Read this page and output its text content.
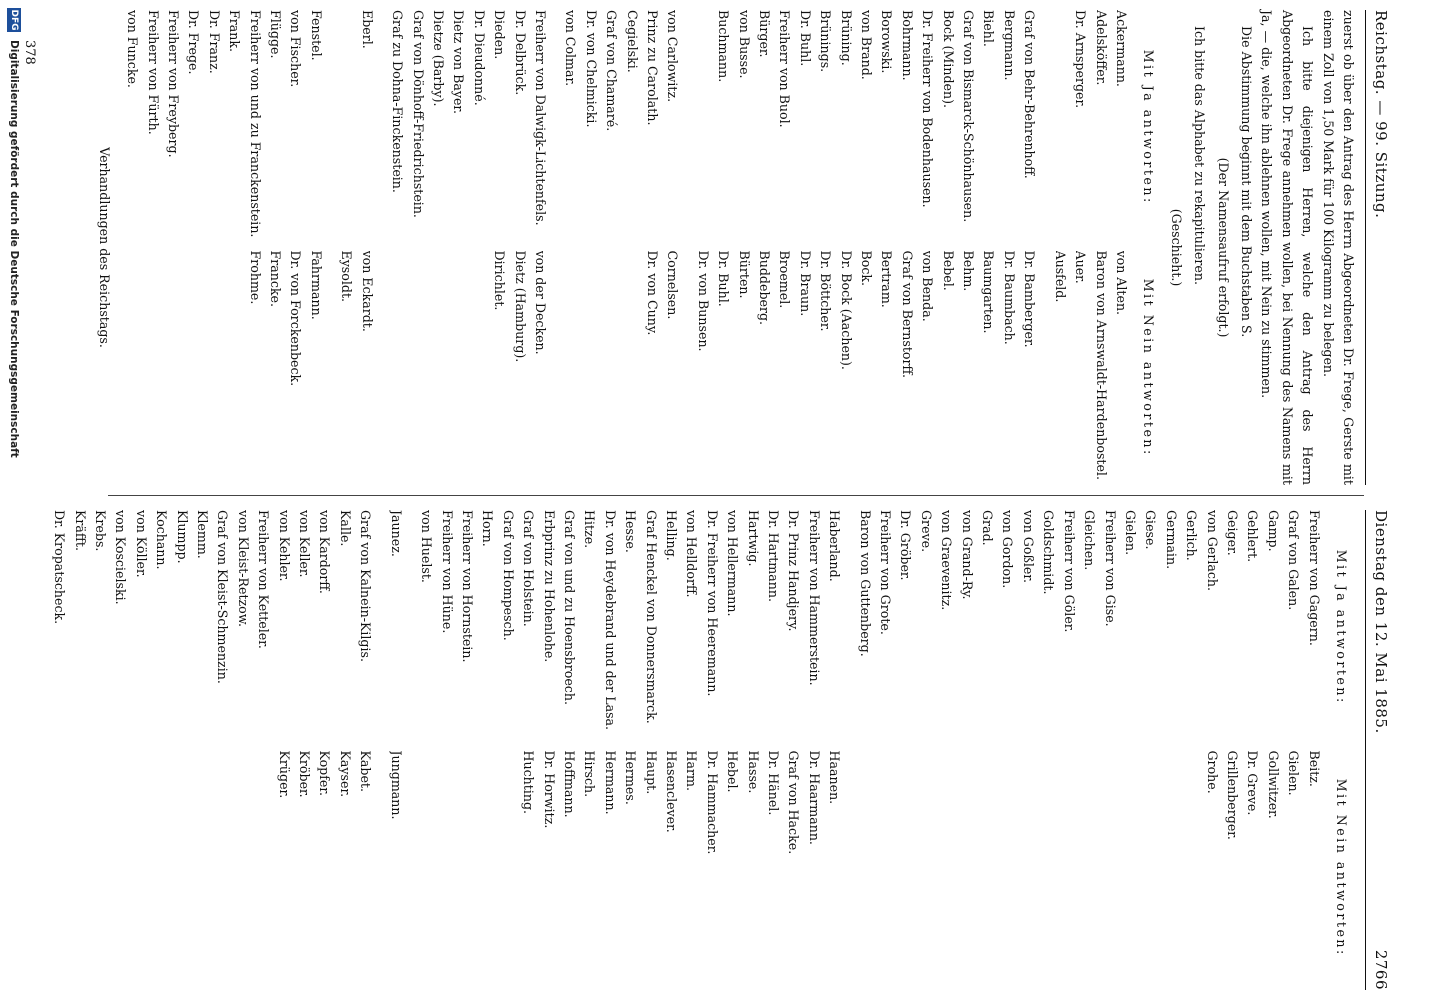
Reichstag. — 99. Sitzung.
Dienstag den 12. Mai 1885.
2766

zuerst ob über den Antrag des Herrn Abgeordneten Dr. Frege, Gerste mit einem Zoll von 1,50 Mark für 100 Kilogramm zu belegen.

Ich bitte diejenigen Herren, welche den Antrag des Herrn Abgeordneten Dr. Frege annehmen wollen, bei Nennung des Namens mit Ja, — die, welche ihn ablehnen wollen, mit Nein zu stimmen.

Die Abstimmung beginnt mit dem Buchstaben S.

(Der Namensaufruf erfolgt.)

Ich bitte das Alphabet zu rekapitulieren.

(Geschieht.)
Mit Ja antworten:
Mit Nein antworten:
Ackermann.
Adelsköffer.
Dr. Arnsperger.
von Alten.
Baron von Arnswaldt-Hardenbostel.
Auer.
Ausfeld.
Graf von Behr-Behrenhoff.
Bergmann.
Biehl.
Graf von Bismarck-Schönhausen.
Bock (Minden).
Dr. Freiherr von Bodenhausen.
Bohrmann.
Borowski.
von Brand.
Brüning.
Brünings.
Dr. Buhl.
Freiherr von Buol.
Bürger.
von Busse.
Buchmann.
Dr. Bamberger.
Dr. Baumbach.
Baumgarten.
Behm.
Bebel.
von Benda.
Graf von Bernstorff.
Bertram.
Bock.
Dr. Bock (Aachen).
Dr. Böttcher.
Dr. Braun.
Broemel.
Buddeberg.
Bürten.
Dr. Buhl.
Dr. von Bunsen.
von Carlowitz.
Prinz zu Carolath.
Cegielski.
Graf von Chamaré.
Dr. von Chelmicki.
von Colmar.
Cornelsen.
Dr. von Cuny.
Freiherr von Dalwigk-Lichtenfels.
Dr. Delbrück.
Dieden.
Dr. Dieudonné.
Dietz von Bayer.
Dietze (Barby).
Graf von Dönhoff-Friedrichstein.
Graf zu Dohna-Finckenstein.
von der Decken.
Dietz (Hamburg).
Dirichlet.
Eberl.
von Eckardt.
Eysoldt.
Fenstel.
von Fischer.
Flügge.
Freiherr von und zu Franckenstein.
Frank.
Dr. Franz.
Dr. Frege.
Freiherr von Freyberg.
Freiherr von Fürth.
von Funcke.
Fahrmann.
Dr. von Forckenbeck.
Francke.
Frohme.
Verhandlungen des Reichstags.
Mit Ja antworten:
Mit Nein antworten:
Freiherr von Gagern.
Graf von Galen.
Gamp.
Gehlert.
Geiger.
von Gerlach.
Gerlich.
Germain.
Giese.
Gielen.
Freiherr von Gise.
Gleichen.
Freiherr von Göler.
Goldschmidt.
von Goßler.
von Gordon.
Grad.
von Grand-Ry.
von Graevenitz.
Greve.
Dr. Gröber.
Freiherr von Grote.
Baron von Guttenberg.
Beitz.
Gielen.
Gollwitzer.
Dr. Greve.
Grillenberger.
Grohe.
Haberland.
Freiherr von Hammerstein.
Dr. Prinz Handjery.
Dr. Hartmann.
Hartwig.
von Hellermann.
Dr. Freiherr von Heeremann.
von Helldorff.
Helling.
Graf Henckel von Donnersmarck.
Hesse.
Dr. von Heydebrand und der Lasa.
Hitze.
Graf von und zu Hoensbroech.
Erbprinz zu Hohenlohe.
Graf von Holstein.
Graf von Hompesch.
Horn.
Freiherr von Hornstein.
Freiherr von Hüne.
von Huelst.
Haanen.
Dr. Haarmann.
Graf von Hacke.
Dr. Hänel.
Hasse.
Hebel.
Dr. Hammacher.
Harm.
Hasenclever.
Haupt.
Hermes.
Hermann.
Hirsch.
Hoffmann.
Dr. Horwitz.
Huchting.
Jaunez.
Jungmann.
Graf von Kalnein-Kilgis.
Kalle.
von Kardorff.
von Keller.
von Kehler.
Freiherr von Ketteler.
von Kleist-Retzow.
Graf von Kleist-Schmenzin.
Klemm.
Klumpp.
Kochann.
von Köller.
von Koscielski.
Krebs.
Kräfft.
Dr. Kropatscheck.
Kabet.
Kayser.
Kopfer.
Kröber.
Krüger.
378
DFG
Digitalisierung gefördert durch die Deutsche Forschungsgemeinschaft
